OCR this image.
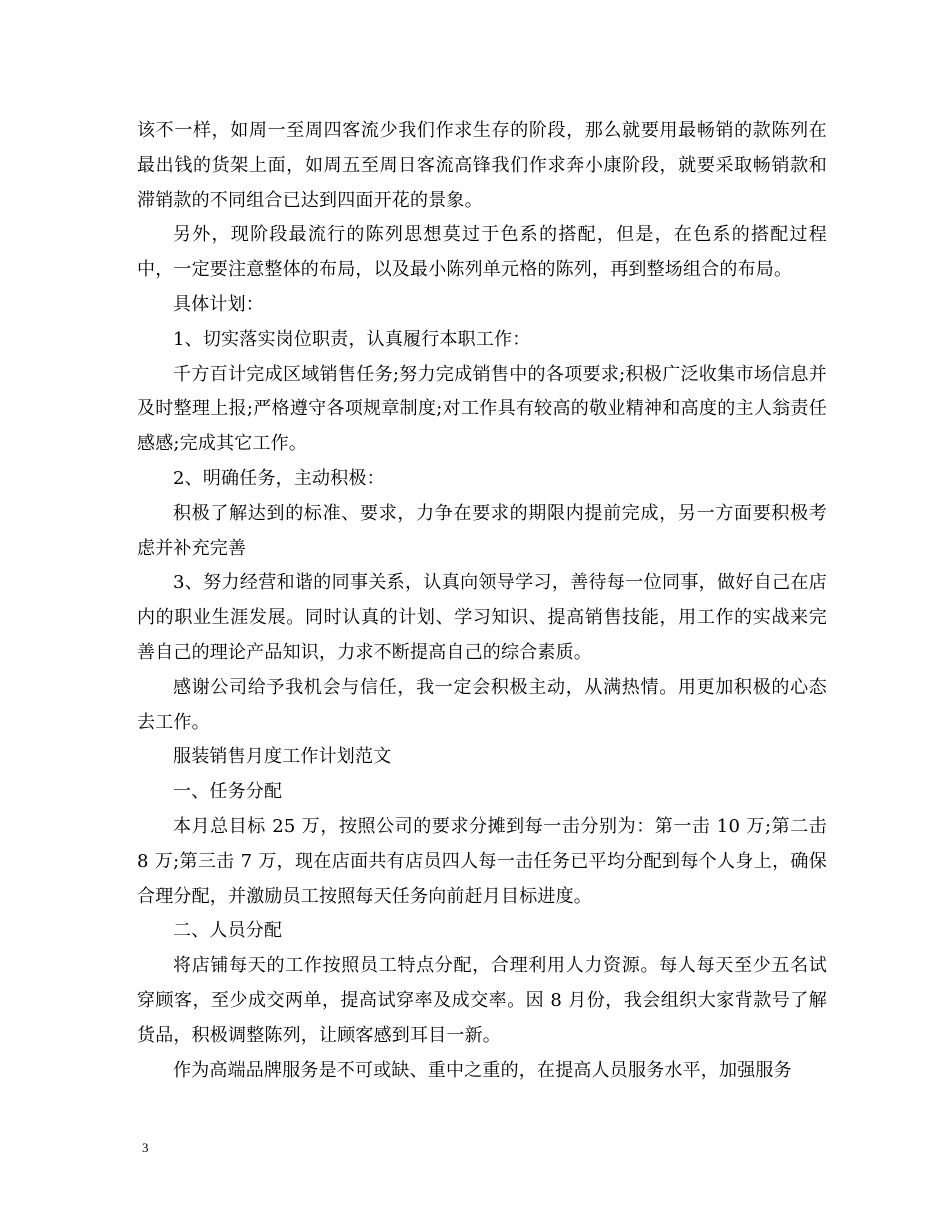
该不一样，如周一至周四客流少我们作求生存的阶段，那么就要用最畅销的款陈列在最出钱的货架上面，如周五至周日客流高锋我们作求奔小康阶段，就要采取畅销款和滞销款的不同组合已达到四面开花的景象。

另外，现阶段最流行的陈列思想莫过于色系的搭配，但是，在色系的搭配过程中，一定要注意整体的布局，以及最小陈列单元格的陈列，再到整场组合的布局。

具体计划：

1、切实落实岗位职责，认真履行本职工作：

千方百计完成区域销售任务;努力完成销售中的各项要求;积极广泛收集市场信息并及时整理上报;严格遵守各项规章制度;对工作具有较高的敬业精神和高度的主人翁责任感感;完成其它工作。

2、明确任务，主动积极：

积极了解达到的标准、要求，力争在要求的期限内提前完成，另一方面要积极考虑并补充完善

3、努力经营和谐的同事关系，认真向领导学习，善待每一位同事，做好自己在店内的职业生涯发展。同时认真的计划、学习知识、提高销售技能，用工作的实战来完善自己的理论产品知识，力求不断提高自己的综合素质。

感谢公司给予我机会与信任，我一定会积极主动，从满热情。用更加积极的心态去工作。

服装销售月度工作计划范文

一、任务分配

本月总目标 25 万，按照公司的要求分摊到每一击分别为：第一击 10 万;第二击 8 万;第三击 7 万，现在店面共有店员四人每一击任务已平均分配到每个人身上，确保合理分配，并激励员工按照每天任务向前赶月目标进度。

二、人员分配

将店铺每天的工作按照员工特点分配，合理利用人力资源。每人每天至少五名试穿顾客，至少成交两单，提高试穿率及成交率。因 8 月份，我会组织大家背款号了解货品，积极调整陈列，让顾客感到耳目一新。

作为高端品牌服务是不可或缺、重中之重的，在提高人员服务水平，加强服务

3
